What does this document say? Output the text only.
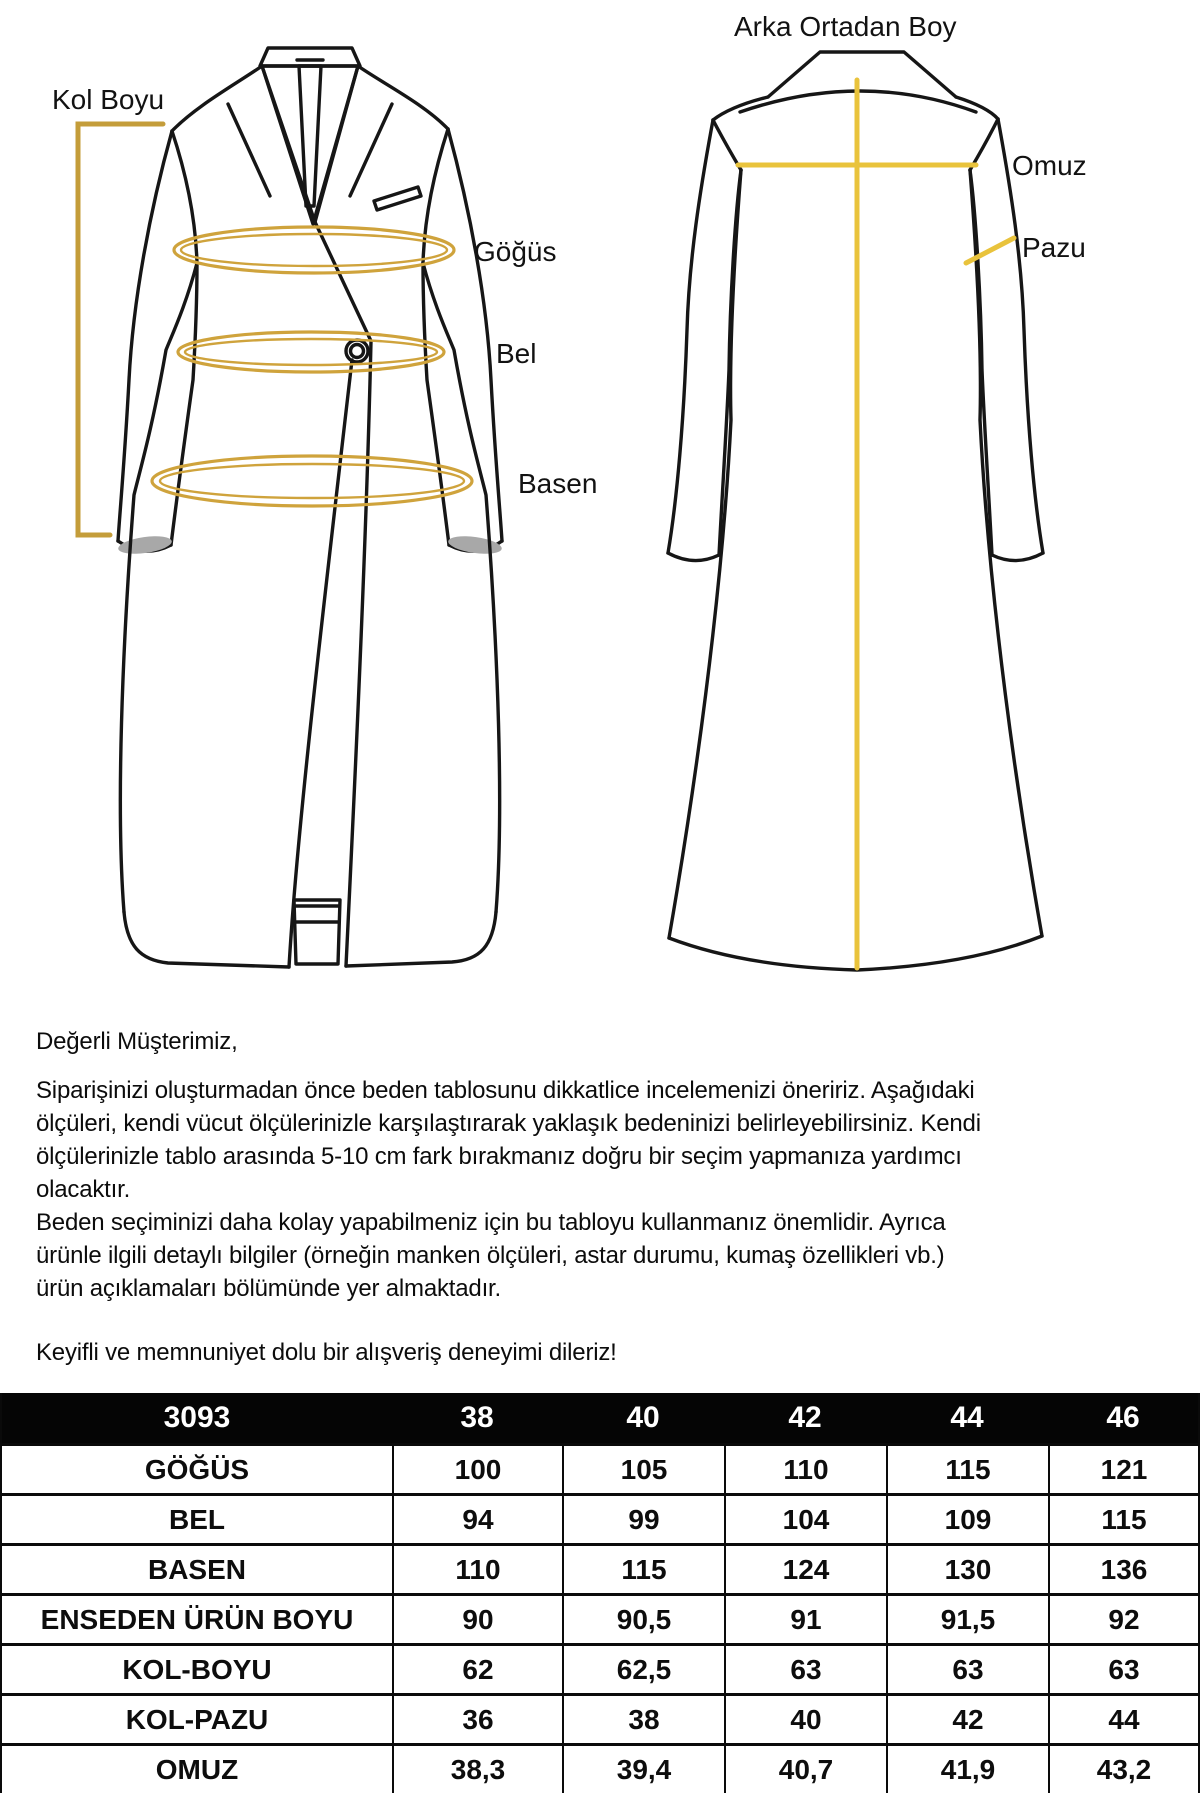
Kol Boyu
Arka Ortadan Boy
Göğüs
Bel
Basen
Omuz
Pazu
Değerli Müşterimiz,
Siparişinizi oluşturmadan önce beden tablosunu dikkatlice incelemenizi öneririz. Aşağıdaki
ölçüleri, kendi vücut ölçülerinizle karşılaştırarak yaklaşık bedeninizi belirleyebilirsiniz. Kendi
ölçülerinizle tablo arasında 5-10 cm fark bırakmanız doğru bir seçim yapmanıza yardımcı
olacaktır.
Beden seçiminizi daha kolay yapabilmeniz için bu tabloyu kullanmanız önemlidir. Ayrıca
ürünle ilgili detaylı bilgiler (örneğin manken ölçüleri, astar durumu, kumaş özellikleri vb.)
ürün açıklamaları bölümünde yer almaktadır.
Keyifli ve memnuniyet dolu bir alışveriş deneyimi dileriz!
3093	38	40	42	44	46
GÖĞÜS	100	105	110	115	121
BEL	94	99	104	109	115
BASEN	110	115	124	130	136
ENSEDEN ÜRÜN BOYU	90	90,5	91	91,5	92
KOL-BOYU	62	62,5	63	63	63
KOL-PAZU	36	38	40	42	44
OMUZ	38,3	39,4	40,7	41,9	43,2
